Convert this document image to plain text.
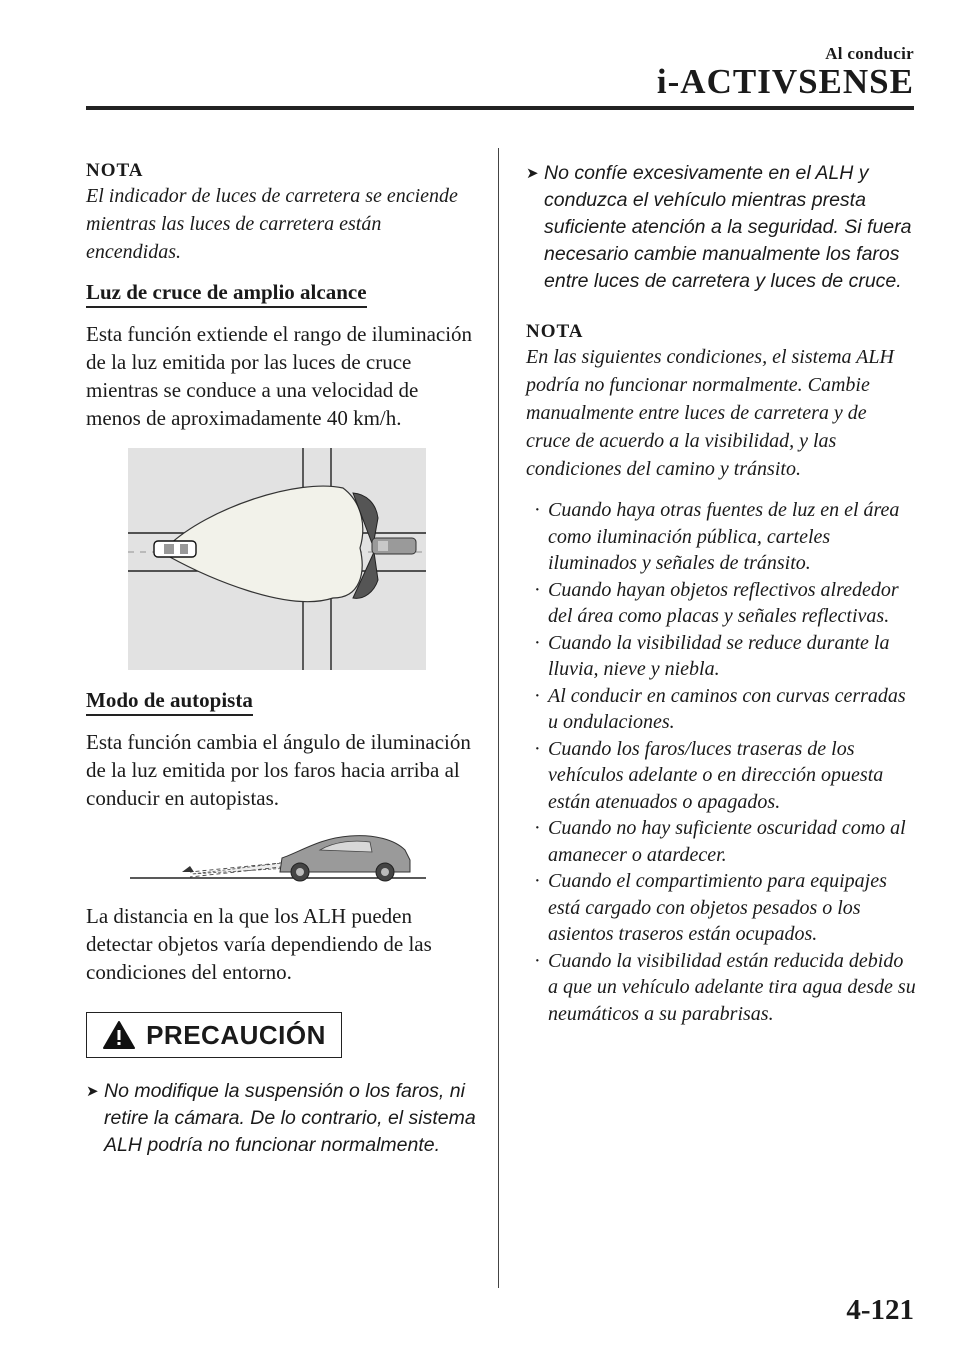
Al conducir
i-ACTIVSENSE
NOTA
El indicador de luces de carretera se enciende mientras las luces de carretera están encendidas.
Luz de cruce de amplio alcance
Esta función extiende el rango de iluminación de la luz emitida por las luces de cruce mientras se conduce a una velocidad de menos de aproximadamente 40 km/h.
Modo de autopista
Esta función cambia el ángulo de iluminación de la luz emitida por los faros hacia arriba al conducir en autopistas.
La distancia en la que los ALH pueden detectar objetos varía dependiendo de las condiciones del entorno.
PRECAUCIÓN
➤ No modifique la suspensión o los faros, ni retire la cámara. De lo contrario, el sistema ALH podría no funcionar normalmente.
➤ No confíe excesivamente en el ALH y conduzca el vehículo mientras presta suficiente atención a la seguridad. Si fuera necesario cambie manualmente los faros entre luces de carretera y luces de cruce.
NOTA
En las siguientes condiciones, el sistema ALH podría no funcionar normalmente. Cambie manualmente entre luces de carretera y de cruce de acuerdo a la visibilidad, y las condiciones del camino y tránsito.
· Cuando haya otras fuentes de luz en el área como iluminación pública, carteles iluminados y señales de tránsito.
· Cuando hayan objetos reflectivos alrededor del área como placas y señales reflectivas.
· Cuando la visibilidad se reduce durante la lluvia, nieve y niebla.
· Al conducir en caminos con curvas cerradas u ondulaciones.
· Cuando los faros/luces traseras de los vehículos adelante o en dirección opuesta están atenuados o apagados.
· Cuando no hay suficiente oscuridad como al amanecer o atardecer.
· Cuando el compartimiento para equipajes está cargado con objetos pesados o los asientos traseros están ocupados.
· Cuando la visibilidad están reducida debido a que un vehículo adelante tira agua desde su neumáticos a su parabrisas.
4-121
